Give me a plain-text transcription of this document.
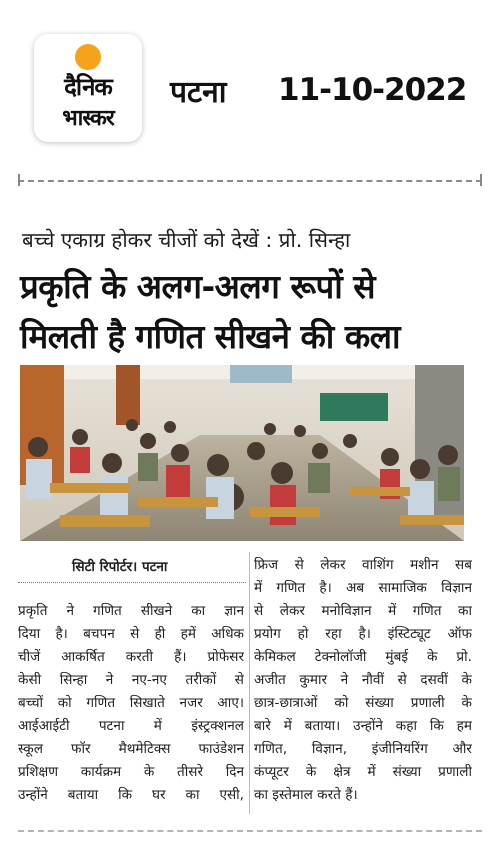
दैनिक
भास्कर
पटना 11-10-2022
बच्चे एकाग्र होकर चीजों को देखें : प्रो. सिन्हा
प्रकृति के अलग-अलग रूपों से
मिलती है गणित सीखने की कला
सिटी रिपोर्टर। पटना
प्रकृति ने गणित सीखने का ज्ञान
दिया है। बचपन से ही हमें अधिक
चीजें आकर्षित करती हैं। प्रोफेसर
केसी सिन्हा ने नए-नए तरीकों से
बच्चों को गणित सिखाते नजर आए।
आईआईटी पटना में इंस्ट्रक्शनल
स्कूल फॉर मैथमेटिक्स फाउंडेशन
प्रशिक्षण कार्यक्रम के तीसरे दिन
उन्होंने बताया कि घर का एसी,
फ्रिज से लेकर वाशिंग मशीन सब
में गणित है। अब सामाजिक विज्ञान
से लेकर मनोविज्ञान में गणित का
प्रयोग हो रहा है। इंस्टिट्यूट ऑफ
केमिकल टेक्नोलॉजी मुंबई के प्रो.
अजीत कुमार ने नौवीं से दसवीं के
छात्र-छात्राओं को संख्या प्रणाली के
बारे में बताया। उन्होंने कहा कि हम
गणित, विज्ञान, इंजीनियरिंग और
कंप्यूटर के क्षेत्र में संख्या प्रणाली
का इस्तेमाल करते हैं।
